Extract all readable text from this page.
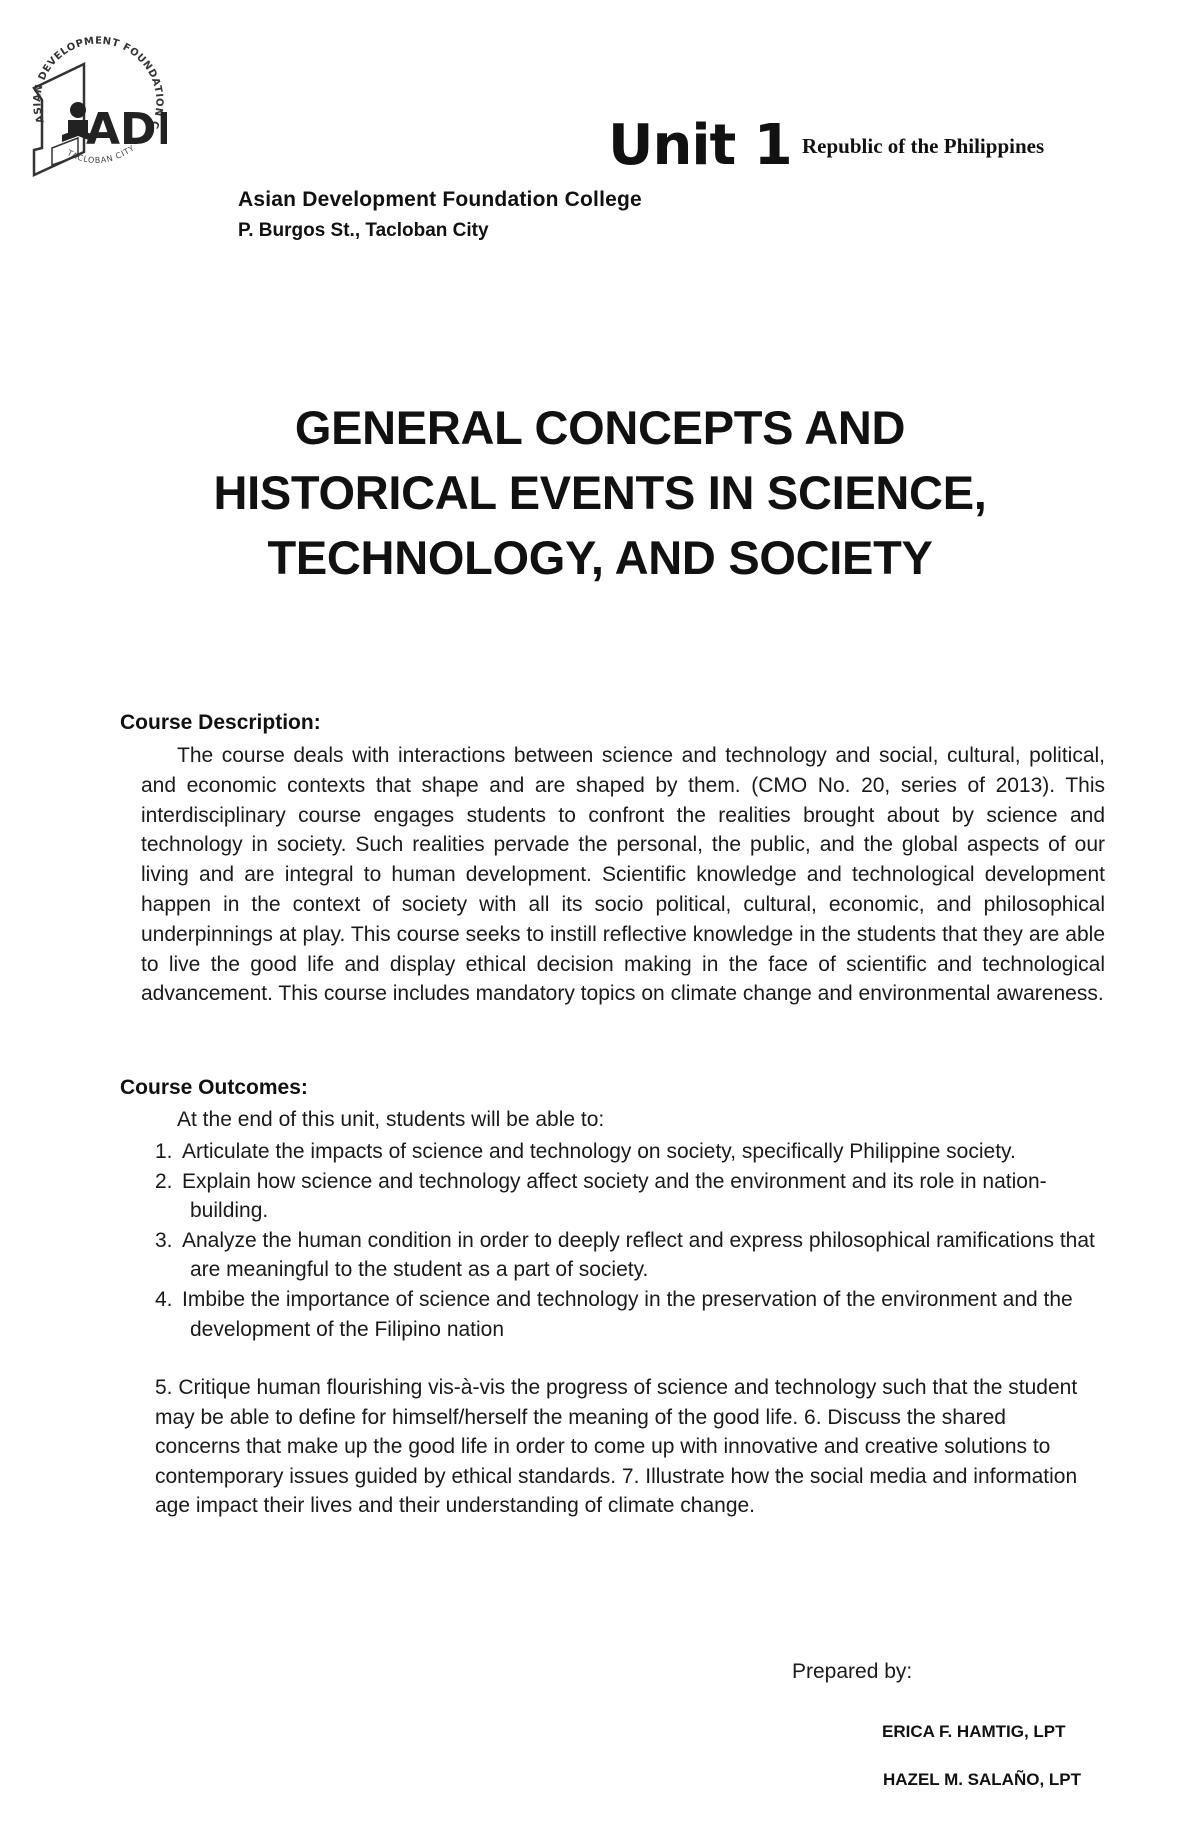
ASIAN DEVELOPMENT FOUNDATION C
TACLOBAN CITY
AD	Unit 1 Republic of the Philippines
Asian Development Foundation College
P. Burgos St., Tacloban City
GENERAL CONCEPTS AND
HISTORICAL EVENTS IN SCIENCE,
TECHNOLOGY, AND SOCIETY
Course Description:

The course deals with interactions between science and technology and social, cultural, political, and economic contexts that shape and are shaped by them. (CMO No. 20, series of 2013). This interdisciplinary course engages students to confront the realities brought about by science and technology in society. Such realities pervade the personal, the public, and the global aspects of our living and are integral to human development. Scientific knowledge and technological development happen in the context of society with all its socio political, cultural, economic, and philosophical underpinnings at play. This course seeks to instill reflective knowledge in the students that they are able to live the good life and display ethical decision making in the face of scientific and technological advancement. This course includes mandatory topics on climate change and environmental awareness.

Course Outcomes:
At the end of this unit, students will be able to:
1. Articulate the impacts of science and technology on society, specifically Philippine society.
2. Explain how science and technology affect society and the environment and its role in nation-building.
3. Analyze the human condition in order to deeply reflect and express philosophical ramifications that are meaningful to the student as a part of society.
4. Imbibe the importance of science and technology in the preservation of the environment and the development of the Filipino nation

5. Critique human flourishing vis-à-vis the progress of science and technology such that the student may be able to define for himself/herself the meaning of the good life. 6. Discuss the shared concerns that make up the good life in order to come up with innovative and creative solutions to contemporary issues guided by ethical standards. 7. Illustrate how the social media and information age impact their lives and their understanding of climate change.

Prepared by:
ERICA F. HAMTIG, LPT
HAZEL M. SALAÑO, LPT
